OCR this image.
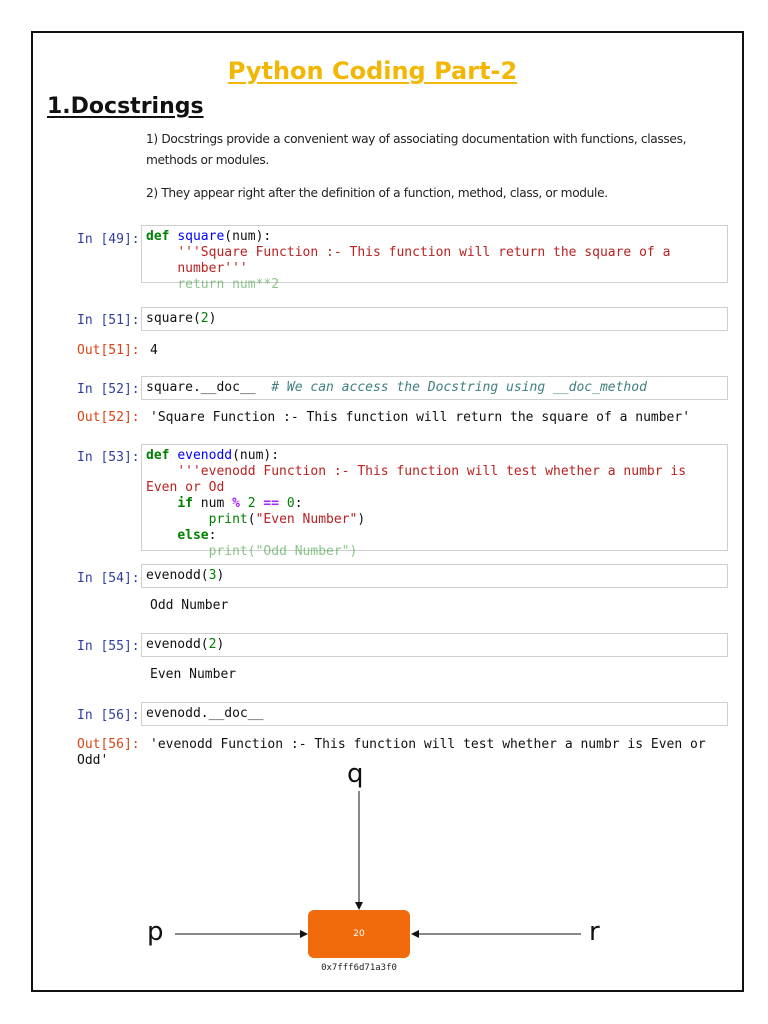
Python Coding Part-2
1.Docstrings
1) Docstrings provide a convenient way of associating documentation with functions, classes,
methods or modules.
2) They appear right after the definition of a function, method, class, or module.
In [49]: def square(num):
'''Square Function :- This function will return the square of a
number'''
return num**2
In [51]: square(2)
Out[51]: 4
In [52]: square.__doc__  # We can access the Docstring using __doc_method
Out[52]: 'Square Function :- This function will return the square of a number'
In [53]: def evenodd(num):
'''evenodd Function :- This function will test whether a numbr is
Even or Od
if num % 2 == 0:
print("Even Number")
else:
print("Odd Number")
In [54]: evenodd(3)
Odd Number
In [55]: evenodd(2)
Even Number
In [56]: evenodd.__doc__
Out[56]: 'evenodd Function :- This function will test whether a numbr is Even or
Odd'	q
p	r
20
0x7fff6d71a3f0
